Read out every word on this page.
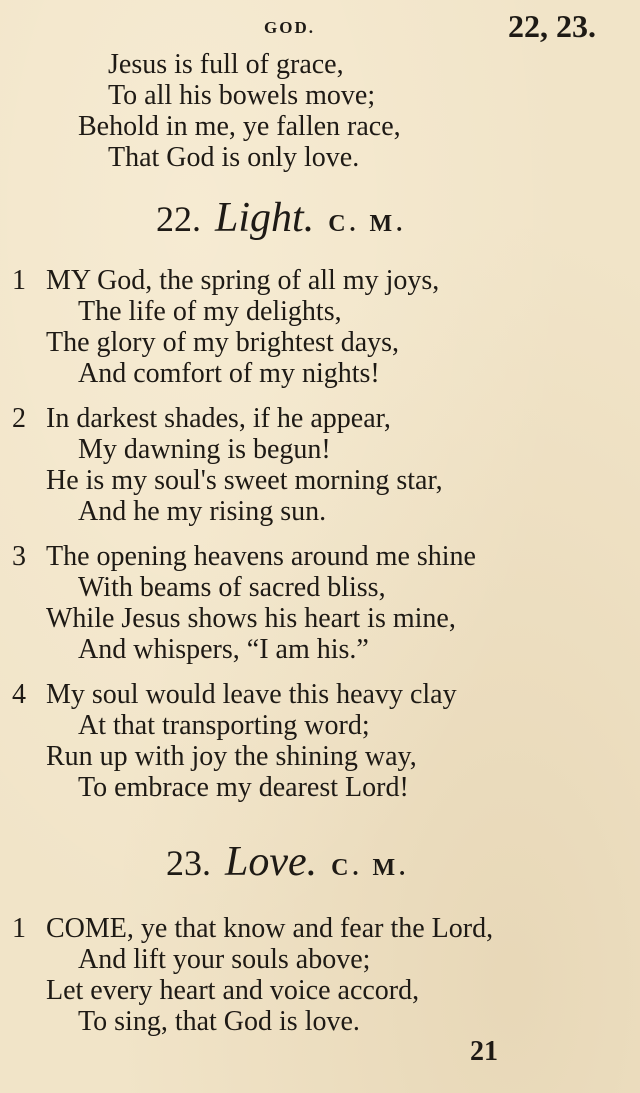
GOD.	22, 23.
Jesus is full of grace,
To all his bowels move;
Behold in me, ye fallen race,
That God is only love.
22. Light. C. M.
1 MY God, the spring of all my joys,
The life of my delights,
The glory of my brightest days,
And comfort of my nights!
2 In darkest shades, if he appear,
My dawning is begun!
He is my soul's sweet morning star,
And he my rising sun.
3 The opening heavens around me shine
With beams of sacred bliss,
While Jesus shows his heart is mine,
And whispers, “I am his.”
4 My soul would leave this heavy clay
At that transporting word;
Run up with joy the shining way,
To embrace my dearest Lord!
23. Love. C. M.
1 COME, ye that know and fear the Lord,
And lift your souls above;
Let every heart and voice accord,
To sing, that God is love.
21
